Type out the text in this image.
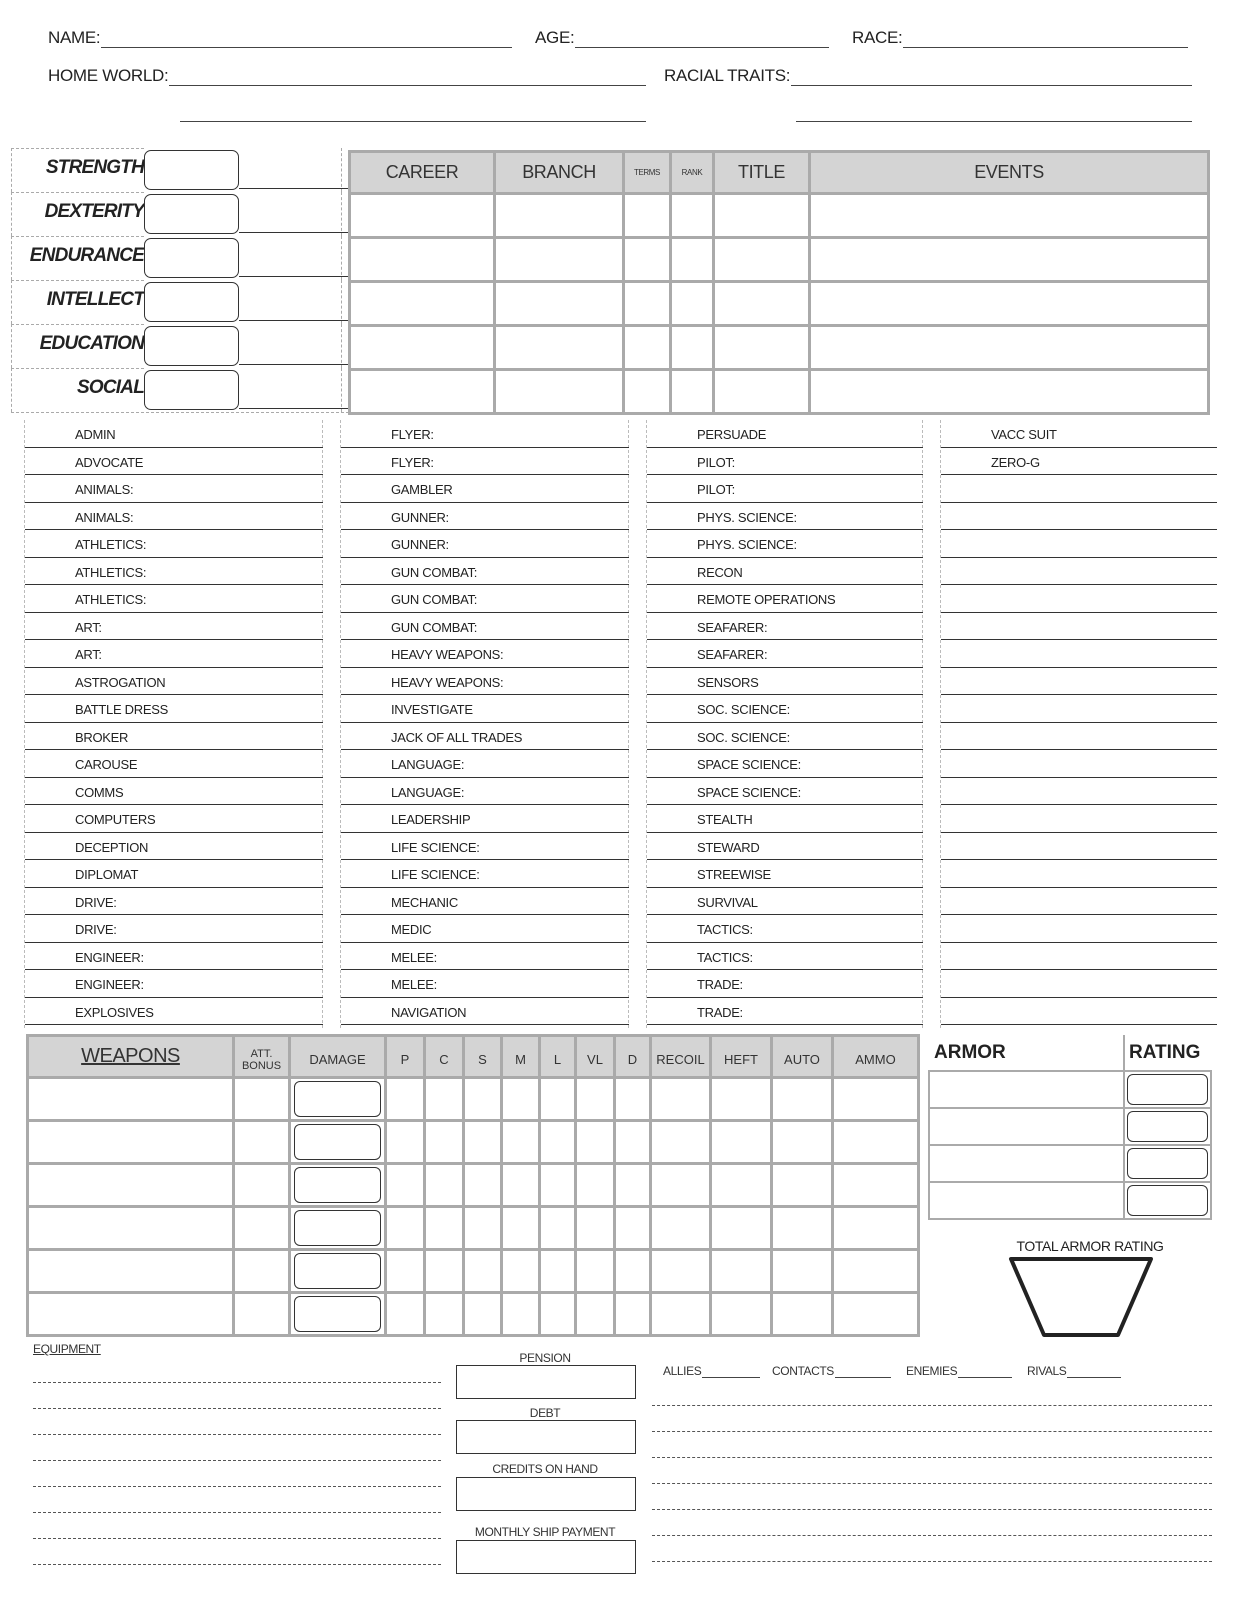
NAME:	AGE:	RACE:
HOME WORLD:	RACIAL TRAITS:
STRENGTH
DEXTERITY
ENDURANCE
INTELLECT
EDUCATION
SOCIAL
CAREER	BRANCH	TERMS	RANK	TITLE	EVENTS

ADMIN
ADVOCATE
ANIMALS:
ANIMALS:
ATHLETICS:
ATHLETICS:
ATHLETICS:
ART:
ART:
ASTROGATION
BATTLE DRESS
BROKER
CAROUSE
COMMS
COMPUTERS
DECEPTION
DIPLOMAT
DRIVE:
DRIVE:
ENGINEER:
ENGINEER:
EXPLOSIVES
FLYER:
FLYER:
GAMBLER
GUNNER:
GUNNER:
GUN COMBAT:
GUN COMBAT:
GUN COMBAT:
HEAVY WEAPONS:
HEAVY WEAPONS:
INVESTIGATE
JACK OF ALL TRADES
LANGUAGE:
LANGUAGE:
LEADERSHIP
LIFE SCIENCE:
LIFE SCIENCE:
MECHANIC
MEDIC
MELEE:
MELEE:
NAVIGATION
PERSUADE
PILOT:
PILOT:
PHYS. SCIENCE:
PHYS. SCIENCE:
RECON
REMOTE OPERATIONS
SEAFARER:
SEAFARER:
SENSORS
SOC. SCIENCE:
SOC. SCIENCE:
SPACE SCIENCE:
SPACE SCIENCE:
STEALTH
STEWARD
STREEWISE
SURVIVAL
TACTICS:
TACTICS:
TRADE:
TRADE:
VACC SUIT
ZERO-G
WEAPONS	ATT.
BONUS	DAMAGE	P	C	S	M	L	VL	D	RECOIL	HEFT	AUTO	AMMO

											ARMOR	RATING

TOTAL ARMOR RATING
EQUIPMENT
PENSION
DEBT
CREDITS ON HAND
MONTHLY SHIP PAYMENT
ALLIES	CONTACTS	ENEMIES	RIVALS
